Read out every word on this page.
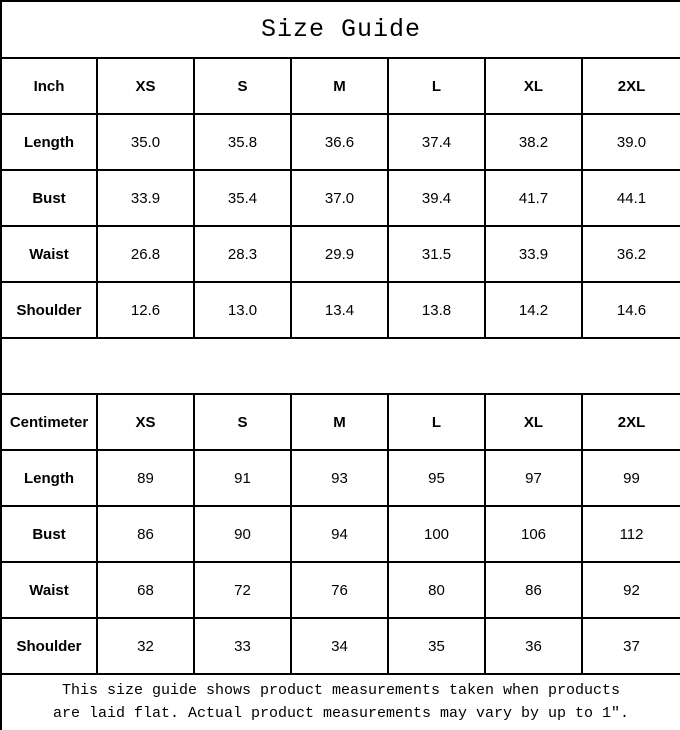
Size Guide						
Inch	XS	S	M	L	XL	2XL
Length	35.0	35.8	36.6	37.4	38.2	39.0
Bust	33.9	35.4	37.0	39.4	41.7	44.1
Waist	26.8	28.3	29.9	31.5	33.9	36.2
Shoulder	12.6	13.0	13.4	13.8	14.2	14.6

Centimeter	XS	S	M	L	XL	2XL
Length	89	91	93	95	97	99
Bust	86	90	94	100	106	112
Waist	68	72	76	80	86	92
Shoulder	32	33	34	35	36	37

This size guide shows product measurements taken when products
are laid flat. Actual product measurements may vary by up to 1″.						
